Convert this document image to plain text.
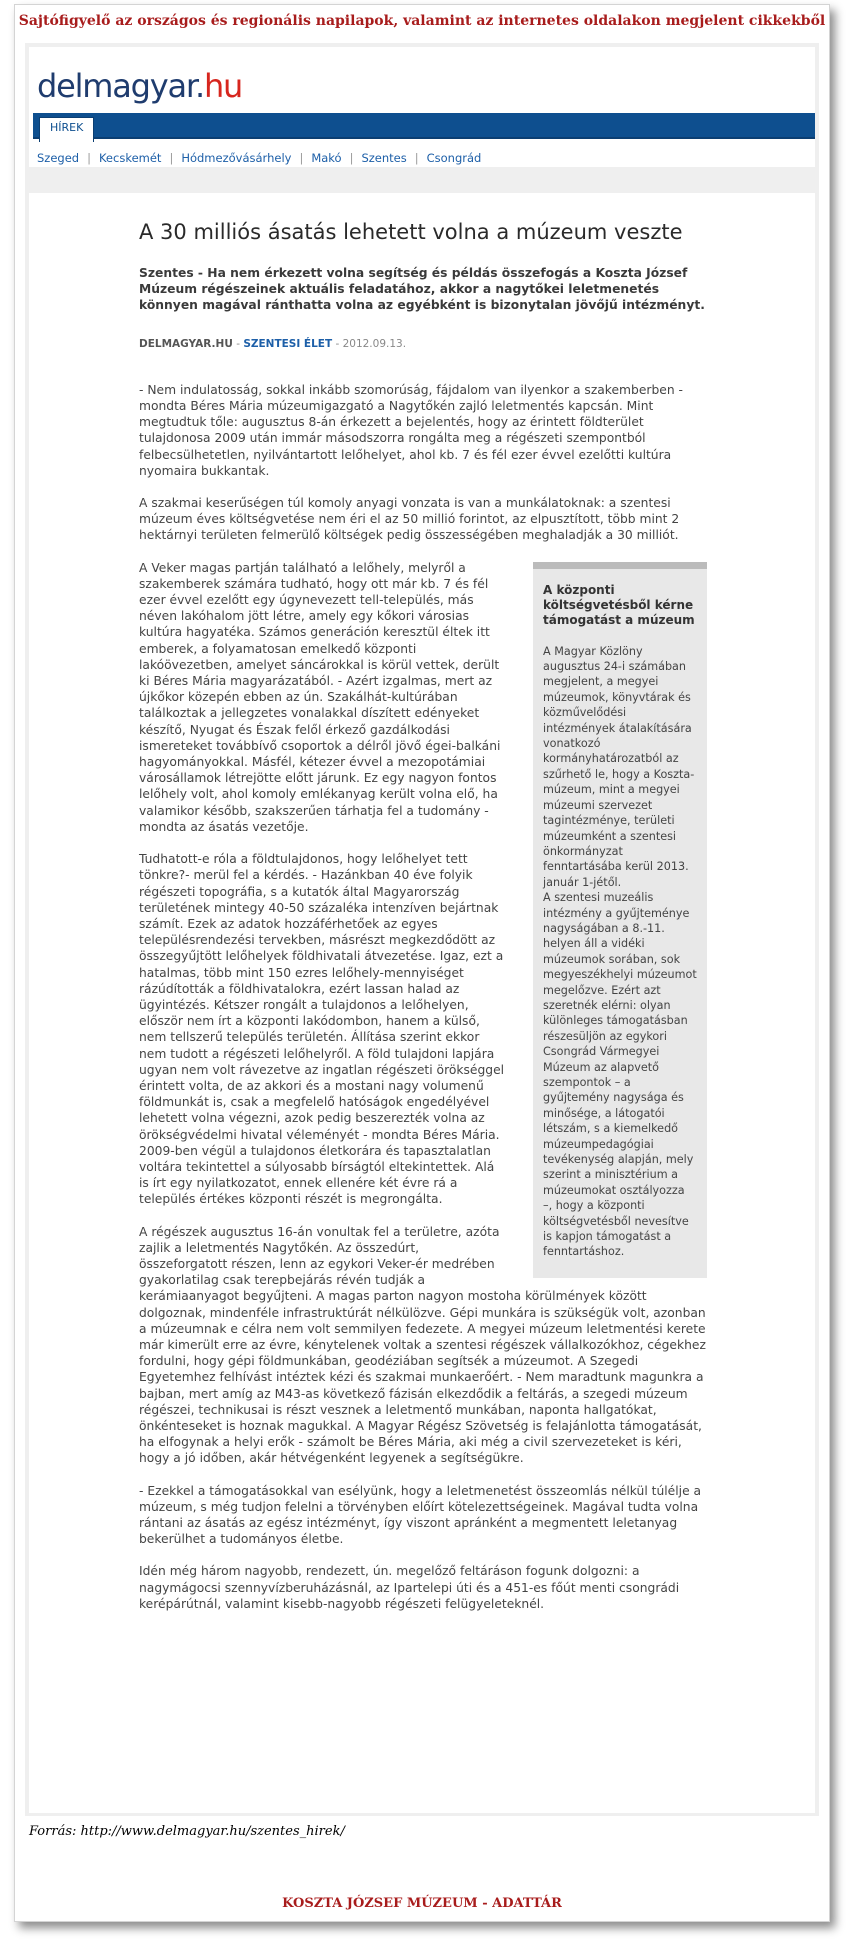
Sajtófigyelő az országos és regionális napilapok, valamint az internetes oldalakon megjelent cikkekből
delmagyar.hu
HÍREK
Szeged | Kecskemét | Hódmezővásárhely | Makó | Szentes | Csongrád
A 30 milliós ásatás lehetett volna a múzeum veszte

Szentes - Ha nem érkezett volna segítség és példás összefogás a Koszta József Múzeum régészeinek aktuális feladatához, akkor a nagytőkei leletmenetés könnyen magával ránthatta volna az egyébként is bizonytalan jövőjű intézményt.

DELMAGYAR.HU - SZENTESI ÉLET - 2012.09.13.

- Nem indulatosság, sokkal inkább szomorúság, fájdalom van ilyenkor a szakemberben - mondta Béres Mária múzeumigazgató a Nagytőkén zajló leletmentés kapcsán. Mint megtudtuk tőle: augusztus 8-án érkezett a bejelentés, hogy az érintett földterület tulajdonosa 2009 után immár másodszorra rongálta meg a régészeti szempontból felbecsülhetetlen, nyilvántartott lelőhelyet, ahol kb. 7 és fél ezer évvel ezelőtti kultúra nyomaira bukkantak.

A szakmai keserűségen túl komoly anyagi vonzata is van a munkálatoknak: a szentesi múzeum éves költségvetése nem éri el az 50 millió forintot, az elpusztított, több mint 2 hektárnyi területen felmerülő költségek pedig összességében meghaladják a 30 milliót.

A központi költségvetésből kérne támogatást a múzeum

A Magyar Közlöny augusztus 24-i számában megjelent, a megyei múzeumok, könyvtárak és közművelődési intézmények átalakítására vonatkozó kormányhatározatból az szűrhető le, hogy a Koszta-múzeum, mint a megyei múzeumi szervezet tagintézménye, területi múzeumként a szentesi önkormányzat fenntartásába kerül 2013. január 1-jétől.

A szentesi muzeális intézmény a gyűjteménye nagyságában a 8.-11. helyen áll a vidéki múzeumok sorában, sok megyeszékhelyi múzeumot megelőzve. Ezért azt szeretnék elérni: olyan különleges támogatásban részesüljön az egykori Csongrád Vármegyei Múzeum az alapvető szempontok – a gyűjtemény nagysága és minősége, a látogatói létszám, s a kiemelkedő múzeumpedagógiai tevékenység alapján, mely szerint a minisztérium a múzeumokat osztályozza –, hogy a központi költségvetésből nevesítve is kapjon támogatást a fenntartáshoz.

A Veker magas partján található a lelőhely, melyről a szakemberek számára tudható, hogy ott már kb. 7 és fél ezer évvel ezelőtt egy úgynevezett tell-település, más néven lakóhalom jött létre, amely egy kőkori városias kultúra hagyatéka. Számos generáción keresztül éltek itt emberek, a folyamatosan emelkedő központi lakóövezetben, amelyet sáncárokkal is körül vettek, derült ki Béres Mária magyarázatából. - Azért izgalmas, mert az újkőkor közepén ebben az ún. Szakálhát-kultúrában találkoztak a jellegzetes vonalakkal díszített edényeket készítő, Nyugat és Észak felől érkező gazdálkodási ismereteket továbbívő csoportok a délről jövő égei-balkáni hagyományokkal. Másfél, kétezer évvel a mezopotámiai városállamok létrejötte előtt járunk. Ez egy nagyon fontos lelőhely volt, ahol komoly emlékanyag került volna elő, ha valamikor később, szakszerűen tárhatja fel a tudomány - mondta az ásatás vezetője.

Tudhatott-e róla a földtulajdonos, hogy lelőhelyet tett tönkre?- merül fel a kérdés. - Hazánkban 40 éve folyik régészeti topográfia, s a kutatók által Magyarország területének mintegy 40-50 százaléka intenzíven bejártnak számít. Ezek az adatok hozzáférhetőek az egyes településrendezési tervekben, másrészt megkezdődött az összegyűjtött lelőhelyek földhivatali átvezetése. Igaz, ezt a hatalmas, több mint 150 ezres lelőhely-mennyiséget rázúdították a földhivatalokra, ezért lassan halad az ügyintézés. Kétszer rongált a tulajdonos a lelőhelyen, először nem írt a központi lakódombon, hanem a külső, nem tellszerű település területén. Állítása szerint ekkor nem tudott a régészeti lelőhelyről. A föld tulajdoni lapjára ugyan nem volt rávezetve az ingatlan régészeti örökséggel érintett volta, de az akkori és a mostani nagy volumenű földmunkát is, csak a megfelelő hatóságok engedélyével lehetett volna végezni, azok pedig beszerezték volna az örökségvédelmi hivatal véleményét - mondta Béres Mária. 2009-ben végül a tulajdonos életkorára és tapasztalatlan voltára tekintettel a súlyosabb bírságtól eltekintettek. Alá is írt egy nyilatkozatot, ennek ellenére két évre rá a település értékes központi részét is megrongálta.

A régészek augusztus 16-án vonultak fel a területre, azóta zajlik a leletmentés Nagytőkén. Az összedúrt, összeforgatott részen, lenn az egykori Veker-ér medrében gyakorlatilag csak terepbejárás révén tudják a kerámiaanyagot begyűjteni. A magas parton nagyon mostoha körülmények között dolgoznak, mindenféle infrastruktúrát nélkülözve. Gépi munkára is szükségük volt, azonban a múzeumnak e célra nem volt semmilyen fedezete. A megyei múzeum leletmentési kerete már kimerült erre az évre, kénytelenek voltak a szentesi régészek vállalkozókhoz, cégekhez fordulni, hogy gépi földmunkában, geodéziában segítsék a múzeumot. A Szegedi Egyetemhez felhívást intéztek kézi és szakmai munkaerőért. - Nem maradtunk magunkra a bajban, mert amíg az M43-as következő fázisán elkezdődik a feltárás, a szegedi múzeum régészei, technikusai is részt vesznek a leletmentő munkában, naponta hallgatókat, önkénteseket is hoznak magukkal. A Magyar Régész Szövetség is felajánlotta támogatását, ha elfogynak a helyi erők - számolt be Béres Mária, aki még a civil szervezeteket is kéri, hogy a jó időben, akár hétvégenként legyenek a segítségükre.

- Ezekkel a támogatásokkal van esélyünk, hogy a leletmenetést összeomlás nélkül túlélje a múzeum, s még tudjon felelni a törvényben előírt kötelezettségeinek. Magával tudta volna rántani az ásatás az egész intézményt, így viszont apránként a megmentett leletanyag bekerülhet a tudományos életbe.

Idén még három nagyobb, rendezett, ún. megelőző feltáráson fogunk dolgozni: a nagymágocsi szennyvízberuházásnál, az Ipartelepi úti és a 451-es főút menti csongrádi kerépárútnál, valamint kisebb-nagyobb régészeti felügyeleteknél.

Forrás: http://www.delmagyar.hu/szentes_hirek/
KOSZTA JÓZSEF MÚZEUM - ADATTÁR
